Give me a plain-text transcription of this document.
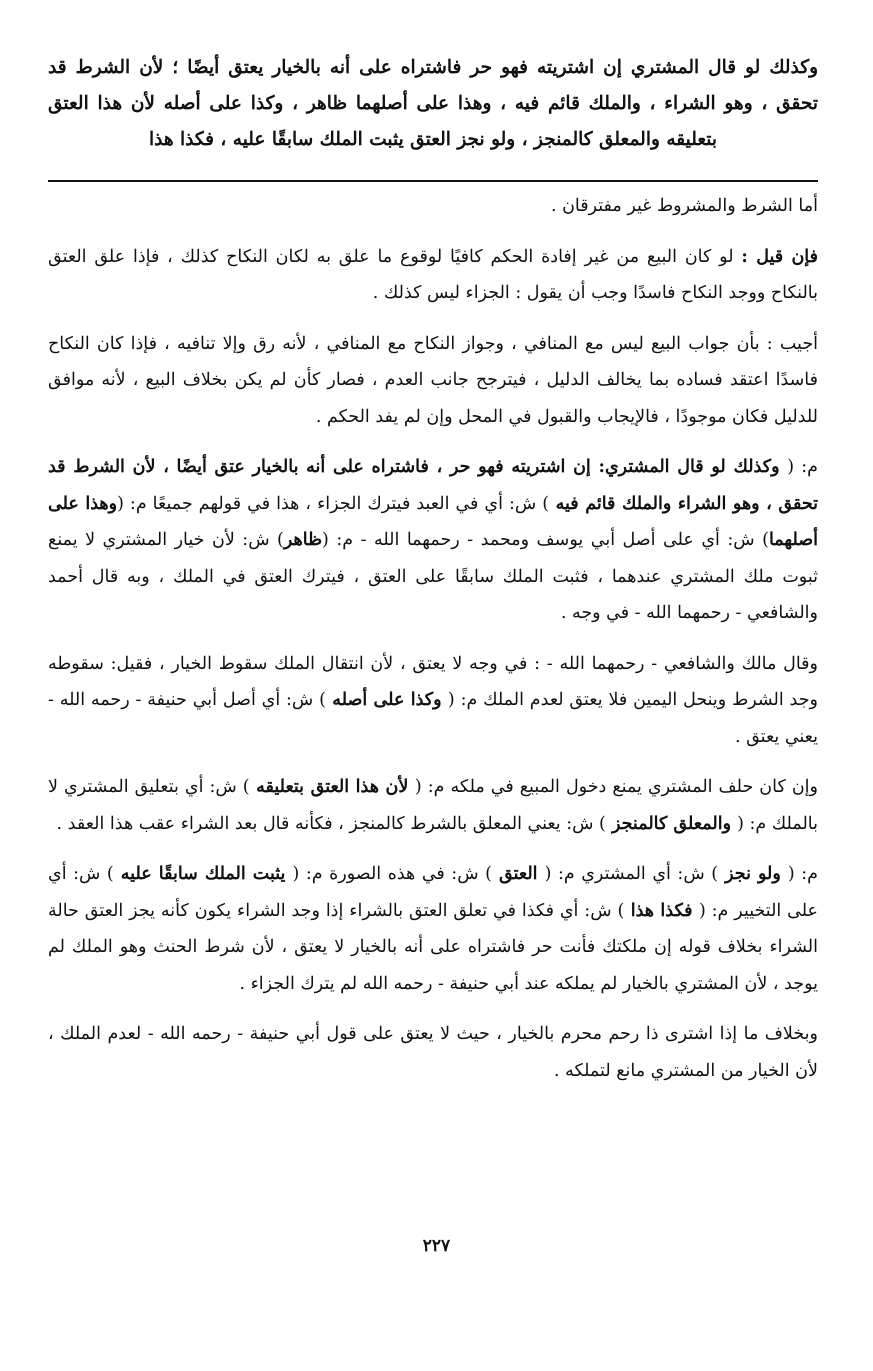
وكذلك لو قال المشتري إن اشتريته فهو حر فاشتراه على أنه بالخيار يعتق أيضًا ؛ لأن الشرط قد تحقق ، وهو الشراء ، والملك قائم فيه ، وهذا على أصلهما ظاهر ، وكذا على أصله لأن هذا العتق بتعليقه والمعلق كالمنجز ، ولو نجز العتق يثبت الملك سابقًا عليه ، فكذا هذا

أما الشرط والمشروط غير مفترقان .

فإن قيل : لو كان البيع من غير إفادة الحكم كافيًا لوقوع ما علق به لكان النكاح كذلك ، فإذا علق العتق بالنكاح ووجد النكاح فاسدًا وجب أن يقول : الجزاء ليس كذلك .

أجيب : بأن جواب البيع ليس مع المنافي ، وجواز النكاح مع المنافي ، لأنه رق وإلا تنافيه ، فإذا كان النكاح فاسدًا اعتقد فساده بما يخالف الدليل ، فيترجح جانب العدم ، فصار كأن لم يكن بخلاف البيع ، لأنه موافق للدليل فكان موجودًا ، فالإيجاب والقبول في المحل وإن لم يفد الحكم .

م: ( وكذلك لو قال المشتري: إن اشتريته فهو حر ، فاشتراه على أنه بالخيار عتق أيضًا ، لأن الشرط قد تحقق ، وهو الشراء والملك قائم فيه ) ش: أي في العبد فيترك الجزاء ، هذا في قولهم جميعًا م: (وهذا على أصلهما) ش: أي على أصل أبي يوسف ومحمد - رحمهما الله - م: (ظاهر) ش: لأن خيار المشتري لا يمنع ثبوت ملك المشتري عندهما ، فثبت الملك سابقًا على العتق ، فيترك العتق في الملك ، وبه قال أحمد والشافعي - رحمهما الله - في وجه .

وقال مالك والشافعي - رحمهما الله - : في وجه لا يعتق ، لأن انتقال الملك سقوط الخيار ، فقيل: سقوطه وجد الشرط وينحل اليمين فلا يعتق لعدم الملك م: ( وكذا على أصله ) ش: أي أصل أبي حنيفة - رحمه الله - يعني يعتق .

وإن كان حلف المشتري يمنع دخول المبيع في ملكه م: ( لأن هذا العتق بتعليقه ) ش: أي بتعليق المشتري لا بالملك م: ( والمعلق كالمنجز ) ش: يعني المعلق بالشرط كالمنجز ، فكأنه قال بعد الشراء عقب هذا العقد .

م: ( ولو نجز ) ش: أي المشتري م: ( العتق ) ش: في هذه الصورة م: ( يثبت الملك سابقًا عليه ) ش: أي على التخيير م: ( فكذا هذا ) ش: أي فكذا في تعلق العتق بالشراء إذا وجد الشراء يكون كأنه يجز العتق حالة الشراء بخلاف قوله إن ملكتك فأنت حر فاشتراه على أنه بالخيار لا يعتق ، لأن شرط الحنث وهو الملك لم يوجد ، لأن المشتري بالخيار لم يملكه عند أبي حنيفة - رحمه الله لم يترك الجزاء .

وبخلاف ما إذا اشترى ذا رحم محرم بالخيار ، حيث لا يعتق على قول أبي حنيفة - رحمه الله - لعدم الملك ، لأن الخيار من المشتري مانع لتملكه .

٢٢٧
